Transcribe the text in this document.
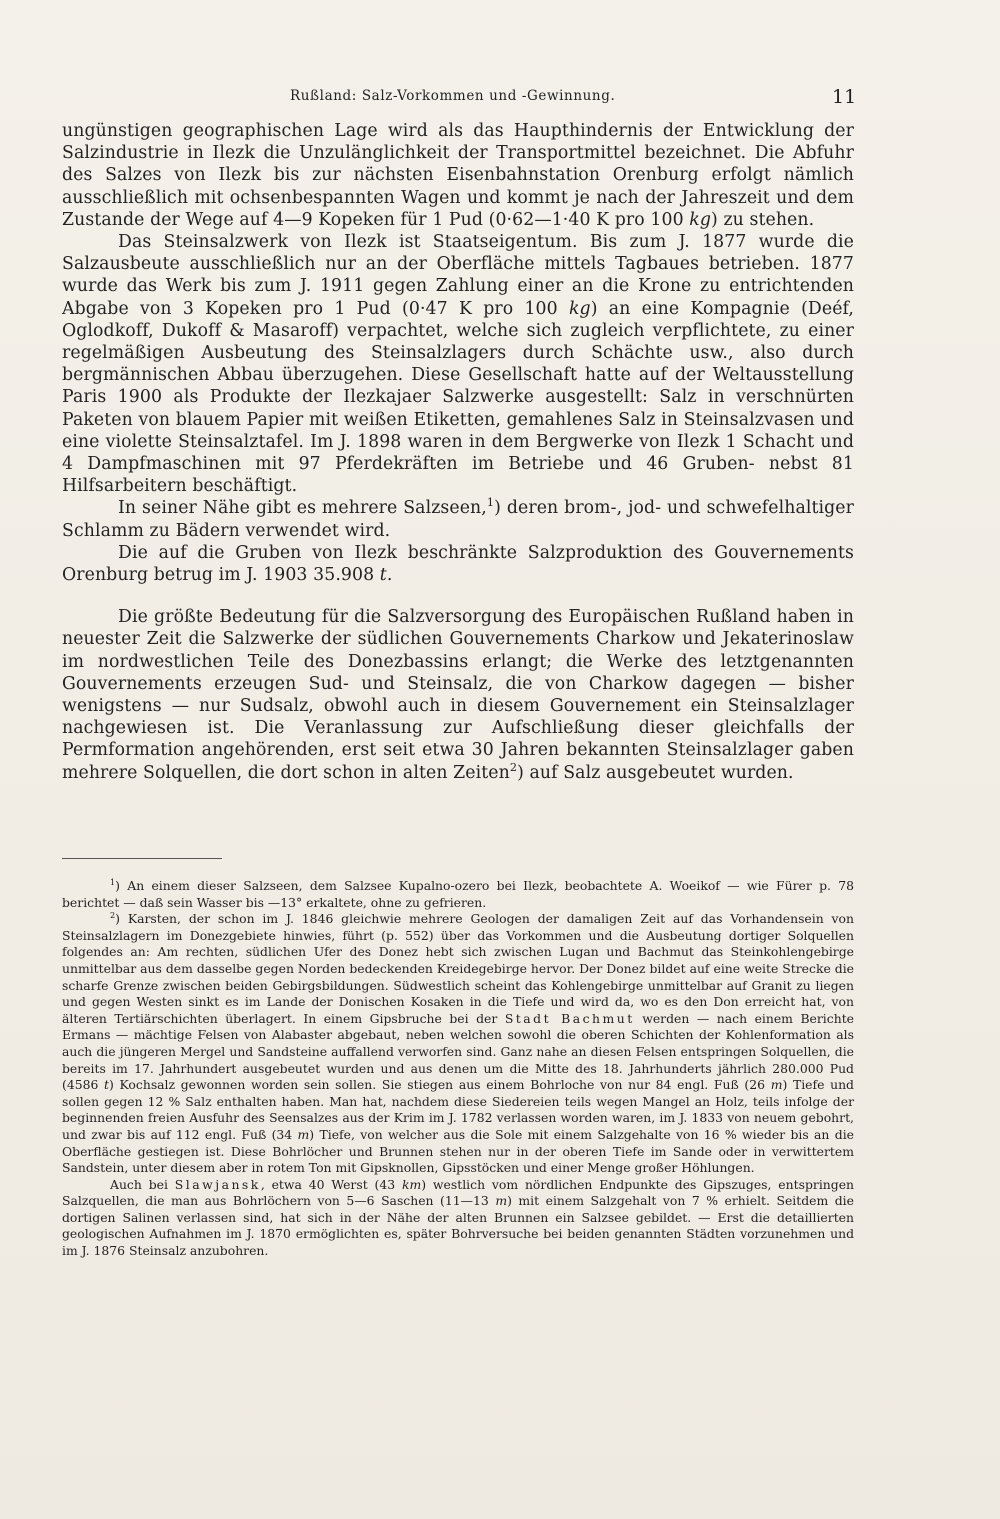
Rußland: Salz-Vorkommen und -Gewinnung.	11

ungünstigen geographischen Lage wird als das Haupthindernis der Entwicklung der Salzindustrie in Ilezk die Unzulänglichkeit der Transportmittel bezeichnet. Die Abfuhr des Salzes von Ilezk bis zur nächsten Eisenbahnstation Orenburg erfolgt nämlich ausschließlich mit ochsenbespannten Wagen und kommt je nach der Jahreszeit und dem Zustande der Wege auf 4—9 Kopeken für 1 Pud (0·62—1·40 K pro 100 kg) zu stehen.

Das Steinsalzwerk von Ilezk ist Staatseigentum. Bis zum J. 1877 wurde die Salzausbeute ausschließlich nur an der Oberfläche mittels Tagbaues betrieben. 1877 wurde das Werk bis zum J. 1911 gegen Zahlung einer an die Krone zu entrichtenden Abgabe von 3 Kopeken pro 1 Pud (0·47 K pro 100 kg) an eine Kompagnie (Deéf, Oglodkoff, Dukoff & Masaroff) verpachtet, welche sich zugleich verpflichtete, zu einer regelmäßigen Ausbeutung des Steinsalzlagers durch Schächte usw., also durch bergmännischen Abbau überzugehen. Diese Gesellschaft hatte auf der Weltausstellung Paris 1900 als Produkte der Ilezkajaer Salzwerke ausgestellt: Salz in verschnürten Paketen von blauem Papier mit weißen Etiketten, gemahlenes Salz in Steinsalzvasen und eine violette Steinsalztafel. Im J. 1898 waren in dem Bergwerke von Ilezk 1 Schacht und 4 Dampfmaschinen mit 97 Pferdekräften im Betriebe und 46 Gruben- nebst 81 Hilfsarbeitern beschäftigt.

In seiner Nähe gibt es mehrere Salzseen,$^1$) deren brom-, jod- und schwefelhaltiger Schlamm zu Bädern verwendet wird.

Die auf die Gruben von Ilezk beschränkte Salzproduktion des Gouvernements Orenburg betrug im J. 1903 35.908 t.

Die größte Bedeutung für die Salzversorgung des Europäischen Rußland haben in neuester Zeit die Salzwerke der südlichen Gouvernements Charkow und Jekaterinoslaw im nordwestlichen Teile des Donezbassins erlangt; die Werke des letztgenannten Gouvernements erzeugen Sud- und Steinsalz, die von Charkow dagegen — bisher wenigstens — nur Sudsalz, obwohl auch in diesem Gouvernement ein Steinsalzlager nachgewiesen ist. Die Veranlassung zur Aufschließung dieser gleichfalls der Permformation angehörenden, erst seit etwa 30 Jahren bekannten Steinsalzlager gaben mehrere Solquellen, die dort schon in alten Zeiten$^2$) auf Salz ausgebeutet wurden.

$^1$) An einem dieser Salzseen, dem Salzsee Kupalno-ozero bei Ilezk, beobachtete A. Woeikof — wie Fürer p. 78 berichtet — daß sein Wasser bis —13° erkaltete, ohne zu gefrieren.

$^2$) Karsten, der schon im J. 1846 gleichwie mehrere Geologen der damaligen Zeit auf das Vorhandensein von Steinsalzlagern im Donezgebiete hinwies, führt (p. 552) über das Vorkommen und die Ausbeutung dortiger Solquellen folgendes an: Am rechten, südlichen Ufer des Donez hebt sich zwischen Lugan und Bachmut das Steinkohlengebirge unmittelbar aus dem dasselbe gegen Norden bedeckenden Kreidegebirge hervor. Der Donez bildet auf eine weite Strecke die scharfe Grenze zwischen beiden Gebirgsbildungen. Südwestlich scheint das Kohlengebirge unmittelbar auf Granit zu liegen und gegen Westen sinkt es im Lande der Donischen Kosaken in die Tiefe und wird da, wo es den Don erreicht hat, von älteren Tertiärschichten überlagert. In einem Gipsbruche bei der Stadt Bachmut werden — nach einem Berichte Ermans — mächtige Felsen von Alabaster abgebaut, neben welchen sowohl die oberen Schichten der Kohlenformation als auch die jüngeren Mergel und Sandsteine auffallend verworfen sind. Ganz nahe an diesen Felsen entspringen Solquellen, die bereits im 17. Jahrhundert ausgebeutet wurden und aus denen um die Mitte des 18. Jahrhunderts jährlich 280.000 Pud (4586 t) Kochsalz gewonnen worden sein sollen. Sie stiegen aus einem Bohrloche von nur 84 engl. Fuß (26 m) Tiefe und sollen gegen 12 % Salz enthalten haben. Man hat, nachdem diese Siedereien teils wegen Mangel an Holz, teils infolge der beginnenden freien Ausfuhr des Seensalzes aus der Krim im J. 1782 verlassen worden waren, im J. 1833 von neuem gebohrt, und zwar bis auf 112 engl. Fuß (34 m) Tiefe, von welcher aus die Sole mit einem Salzgehalte von 16 % wieder bis an die Oberfläche gestiegen ist. Diese Bohrlöcher und Brunnen stehen nur in der oberen Tiefe im Sande oder in verwittertem Sandstein, unter diesem aber in rotem Ton mit Gipsknollen, Gipsstöcken und einer Menge großer Höhlungen.

Auch bei Slawjansk, etwa 40 Werst (43 km) westlich vom nördlichen Endpunkte des Gipszuges, entspringen Salzquellen, die man aus Bohrlöchern von 5—6 Saschen (11—13 m) mit einem Salzgehalt von 7 % erhielt. Seitdem die dortigen Salinen verlassen sind, hat sich in der Nähe der alten Brunnen ein Salzsee gebildet. — Erst die detaillierten geologischen Aufnahmen im J. 1870 ermöglichten es, später Bohrversuche bei beiden genannten Städten vorzunehmen und im J. 1876 Steinsalz anzubohren.
